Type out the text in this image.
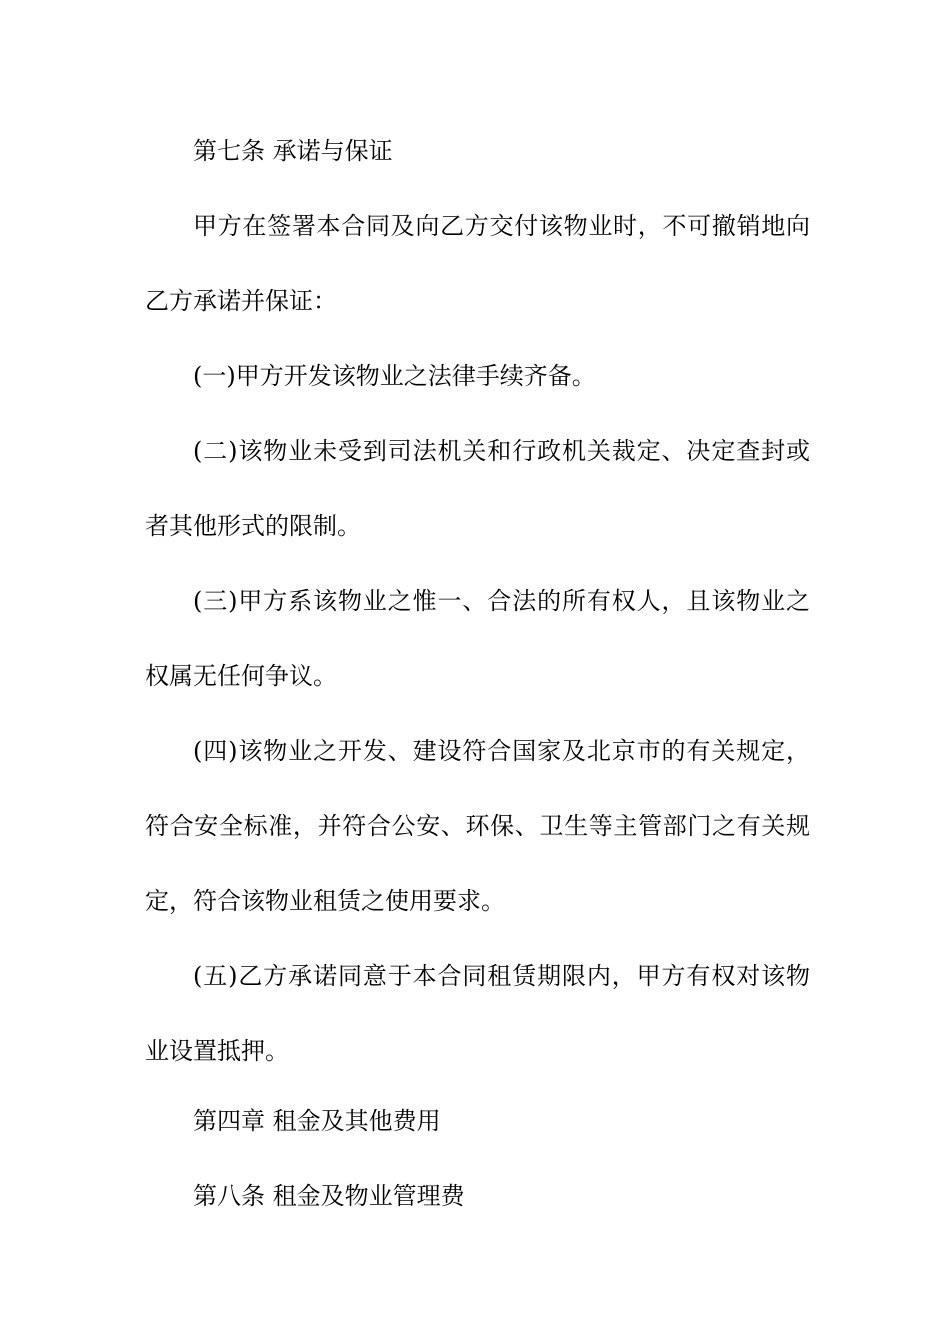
第七条 承诺与保证
甲方在签署本合同及向乙方交付该物业时，不可撤销地向
乙方承诺并保证：
(一)甲方开发该物业之法律手续齐备。
(二)该物业未受到司法机关和行政机关裁定、决定查封或
者其他形式的限制。
(三)甲方系该物业之惟一、合法的所有权人，且该物业之
权属无任何争议。
(四)该物业之开发、建设符合国家及北京市的有关规定，
符合安全标准，并符合公安、环保、卫生等主管部门之有关规
定，符合该物业租赁之使用要求。
(五)乙方承诺同意于本合同租赁期限内，甲方有权对该物
业设置抵押。
第四章 租金及其他费用
第八条 租金及物业管理费
